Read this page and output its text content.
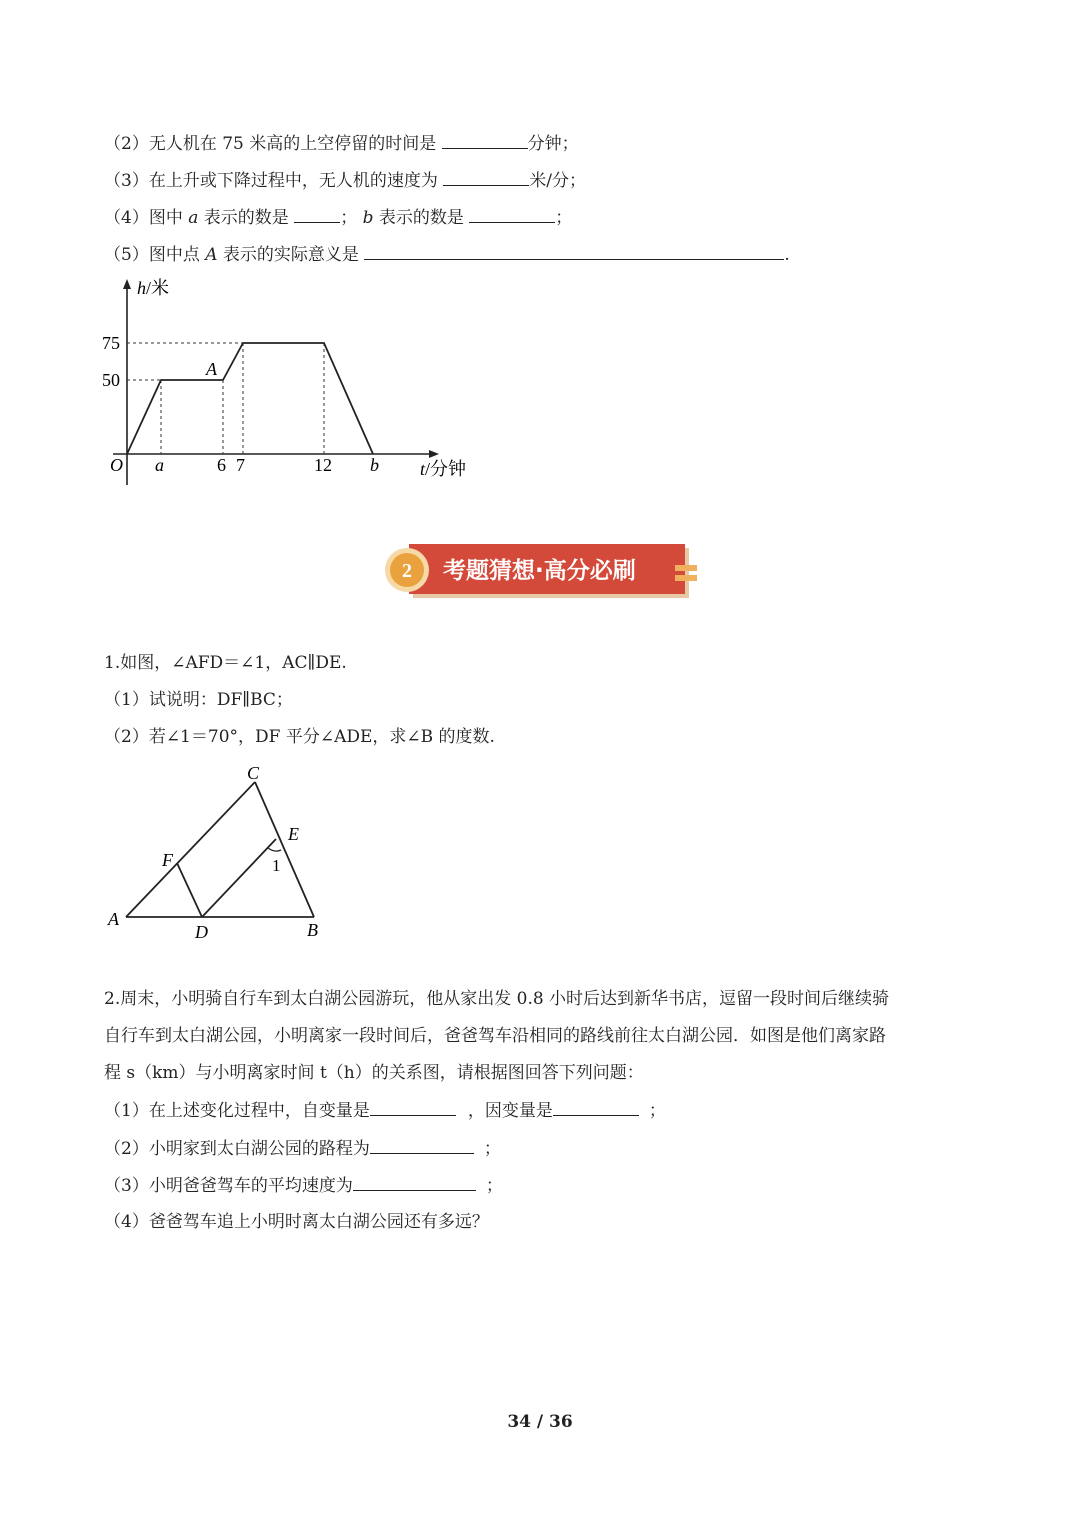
（2）无人机在 75 米高的上空停留的时间是	分钟；
（3）在上升或下降过程中，无人机的速度为	米/分；
（4）图中 a 表示的数是	； b 表示的数是	；
（5）图中点 A 表示的实际意义是	.
h/米
75
50
A
O a	6 7	12 b t/分钟
2 考题猜想·高分必刷
1.如图，∠AFD＝∠1，AC∥DE.
（1）试说明：DF∥BC；
（2）若∠1＝70°，DF 平分∠ADE，求∠B 的度数.
C
E
1
F
A
D	B
2.周末，小明骑自行车到太白湖公园游玩，他从家出发 0.8 小时后达到新华书店，逗留一段时间后继续骑
自行车到太白湖公园，小明离家一段时间后，爸爸驾车沿相同的路线前往太白湖公园．如图是他们离家路
程 s（km）与小明离家时间 t（h）的关系图，请根据图回答下列问题：
（1）在上述变化过程中，自变量是	，因变量是	；
（2）小明家到太白湖公园的路程为	；
（3）小明爸爸驾车的平均速度为	；
（4）爸爸驾车追上小明时离太白湖公园还有多远？
34 / 36
